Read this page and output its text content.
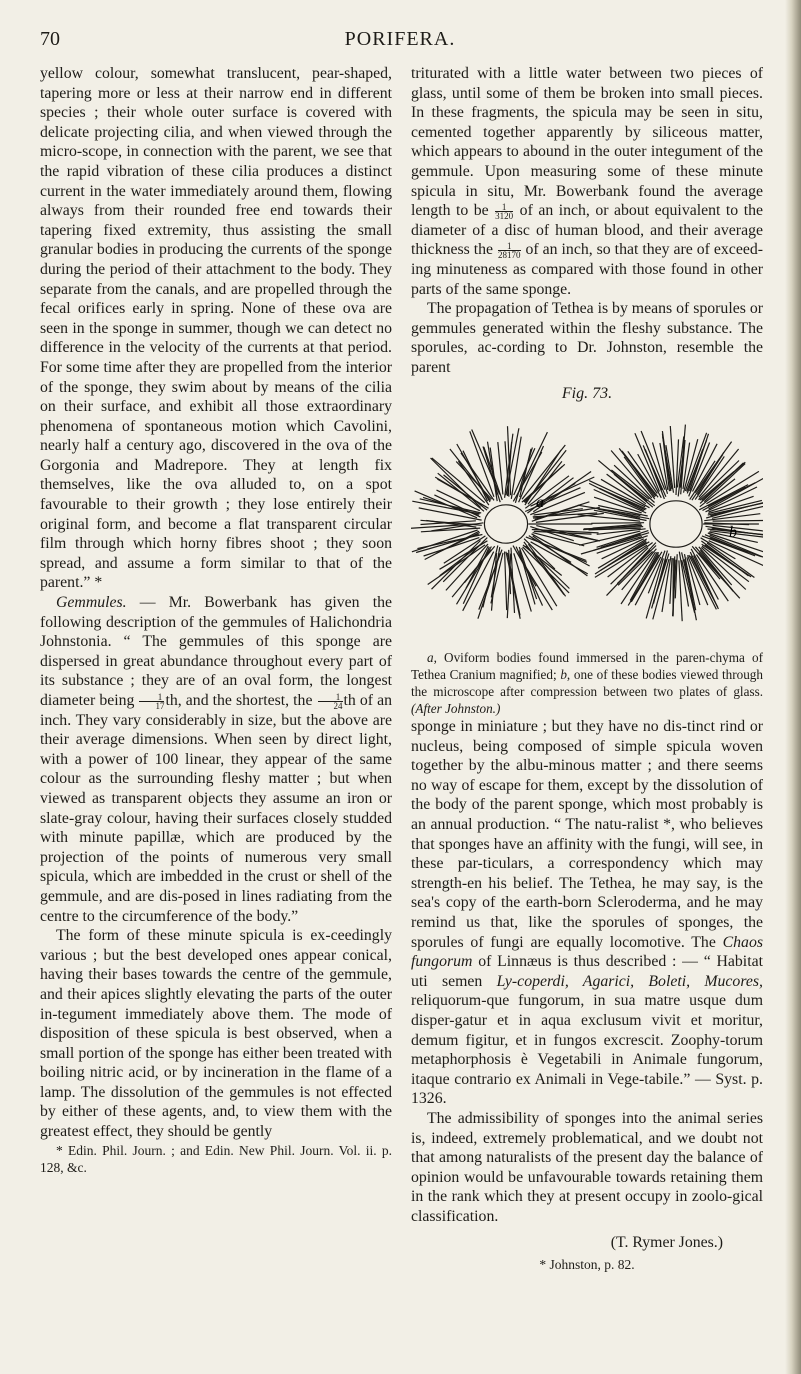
70	PORIFERA.

yellow colour, somewhat translucent, pear-shaped, tapering more or less at their narrow end in different species ; their whole outer surface is covered with delicate projecting cilia, and when viewed through the micro-scope, in connection with the parent, we see that the rapid vibration of these cilia produces a distinct current in the water immediately around them, flowing always from their rounded free end towards their tapering fixed extremity, thus assisting the small granular bodies in producing the currents of the sponge during the period of their attachment to the body. They separate from the canals, and are propelled through the fecal orifices early in spring. None of these ova are seen in the sponge in summer, though we can detect no difference in the velocity of the currents at that period. For some time after they are propelled from the interior of the sponge, they swim about by means of the cilia on their surface, and exhibit all those extraordinary phenomena of spontaneous motion which Cavolini, nearly half a century ago, discovered in the ova of the Gorgonia and Madrepore. They at length fix themselves, like the ova alluded to, on a spot favourable to their growth ; they lose entirely their original form, and become a flat transparent circular film through which horny fibres shoot ; they soon spread, and assume a form similar to that of the parent.” *

Gemmules. — Mr. Bowerbank has given the following description of the gemmules of Halichondria Johnstonia. “ The gemmules of this sponge are dispersed in great abundance throughout every part of its substance ; they are of an oval form, the longest diameter being $\frac{1}{17}$ th, and the shortest, the $\frac{1}{24}$ th of an inch. They vary considerably in size, but the above are their average dimensions. When seen by direct light, with a power of 100 linear, they appear of the same colour as the surrounding fleshy matter ; but when viewed as transparent objects they assume an iron or slate-gray colour, having their surfaces closely studded with minute papillæ, which are produced by the projection of the points of numerous very small spicula, which are imbedded in the crust or shell of the gemmule, and are dis-posed in lines radiating from the centre to the circumference of the body.”

The form of these minute spicula is ex-ceedingly various ; but the best developed ones appear conical, having their bases towards the centre of the gemmule, and their apices slightly elevating the parts of the outer in-tegument immediately above them. The mode of disposition of these spicula is best observed, when a small portion of the sponge has either been treated with boiling nitric acid, or by incineration in the flame of a lamp. The dissolution of the gemmules is not effected by either of these agents, and, to view them with the greatest effect, they should be gently

* Edin. Phil. Journ. ; and Edin. New Phil. Journ. Vol. ii. p. 128, &c.

triturated with a little water between two pieces of glass, until some of them be broken into small pieces. In these fragments, the spicula may be seen in situ, cemented together apparently by siliceous matter, which appears to abound in the outer integument of the gemmule. Upon measuring some of these minute spicula in situ, Mr. Bowerbank found the average length to be $\frac{1}{3120}$ of an inch, or about equivalent to the diameter of a disc of human blood, and their average thickness the $\frac{1}{28170}$ of an inch, so that they are of exceed-ing minuteness as compared with those found in other parts of the same sponge.

The propagation of Tethea is by means of sporules or gemmules generated within the fleshy substance. The sporules, ac-cording to Dr. Johnston, resemble the parent

Fig. 73.
a
b

a, Oviform bodies found immersed in the paren-chyma of Tethea Cranium magnified; b, one of these bodies viewed through the microscope after compression between two plates of glass. (After Johnston.)

sponge in miniature ; but they have no dis-tinct rind or nucleus, being composed of simple spicula woven together by the albu-minous matter ; and there seems no way of escape for them, except by the dissolution of the body of the parent sponge, which most probably is an annual production. “ The natu-ralist *, who believes that sponges have an affinity with the fungi, will see, in these par-ticulars, a correspondency which may strength-en his belief. The Tethea, he may say, is the sea's copy of the earth-born Scleroderma, and he may remind us that, like the sporules of sponges, the sporules of fungi are equally locomotive. The Chaos fungorum of Linnæus is thus described : — “ Habitat uti semen Ly-coperdi, Agarici, Boleti, Mucores, reliquorum-que fungorum, in sua matre usque dum disper-gatur et in aqua exclusum vivit et moritur, demum figitur, et in fungos excrescit. Zoophy-torum metaphorphosis è Vegetabili in Animale fungorum, itaque contrario ex Animali in Vege-tabile.” — Syst. p. 1326.

The admissibility of sponges into the animal series is, indeed, extremely problematical, and we doubt not that among naturalists of the present day the balance of opinion would be unfavourable towards retaining them in the rank which they at present occupy in zoolo-gical classification.

(T. Rymer Jones.)

* Johnston, p. 82.
